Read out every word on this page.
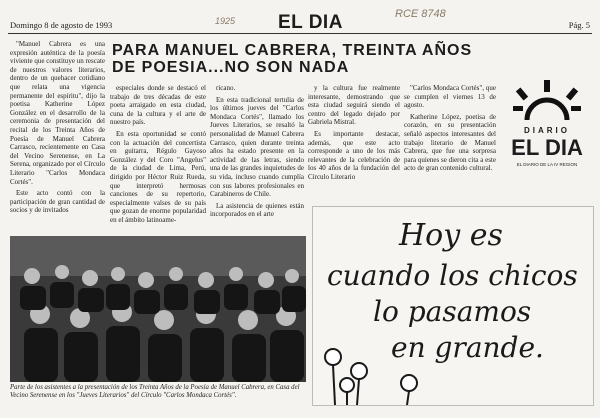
Domingo 8 de agosto de 1993	1925 EL DIA	RCE 8748
Pág. 5
PARA MANUEL CABRERA, TREINTA AÑOS DE POESIA...NO SON NADA

"Manuel Cabrera es una expresión auténtica de la poesía viviente que constituye un rescate de nuestros valores literarios, dentro de un quehacer cotidiano que relata una vigencia permanente del espíritu", dijo la poetisa Katherine López González en el desarrollo de la ceremonia de presentación del recital de los Treinta Años de Poesía de Manuel Cabrera Carrasco, recientemente en Casa del Vecino Serenense, en La Serena, organizado por el Círculo Literario "Carlos Mondaca Cortés".

Este acto contó con la participación de gran cantidad de socios y de invitados

especiales donde se destacó el trabajo de tres décadas de este poeta arraigado en esta ciudad, cuna de la cultura y el arte de nuestro país.

En esta oportunidad se contó con la actuación del concertista en guitarra, Régulo Gayoso González y del Coro "Angelus" de la ciudad de Lima, Perú, dirigido por Héctor Ruiz Rueda, que interpretó hermosas canciones de su repertorio, especialmente valses de su país que gozan de enorme popularidad en el ámbito latinoame-

ricano.

En esta tradicional tertulia de los últimos jueves del "Carlos Mondaca Cortés", llamado los Jueves Literarios, se resaltó la personalidad de Manuel Cabrera Carrasco, quien durante treinta años ha estado presente en la actividad de las letras, siendo una de las grandes inquietudes de su vida, incluso cuando cumplía con sus labores profesionales en Carabineros de Chile.

La asistencia de quienes están incorporados en el arte

y la cultura fue realmente interesante, demostrando que esta ciudad seguirá siendo el centro del legado dejado por Gabriela Mistral.

Es importante destacar, además, que este acto corresponde a uno de los más relevantes de la celebración de los 40 años de la fundación del Círculo Literario

"Carlos Mondaca Cortés", que se cumplen el viernes 13 de agosto.

Katherine López, poetisa de corazón, en su presentación señaló aspectos interesantes del trabajo literario de Manuel Cabrera, que fue una sorpresa para quienes se dieron cita a este acto de gran contenido cultural.

DIARIO
EL DIA
EL DIARIO DE LA IV REGION
Parte de los asistentes a la presentación de los Treinta Años de la Poesía de Manuel Cabrera, en Casa del Vecino Serenense en los "Jueves Literarios" del Círculo "Carlos Mondaca Cortés".
Hoy es
cuando los chicos
lo pasamos
en grande.
